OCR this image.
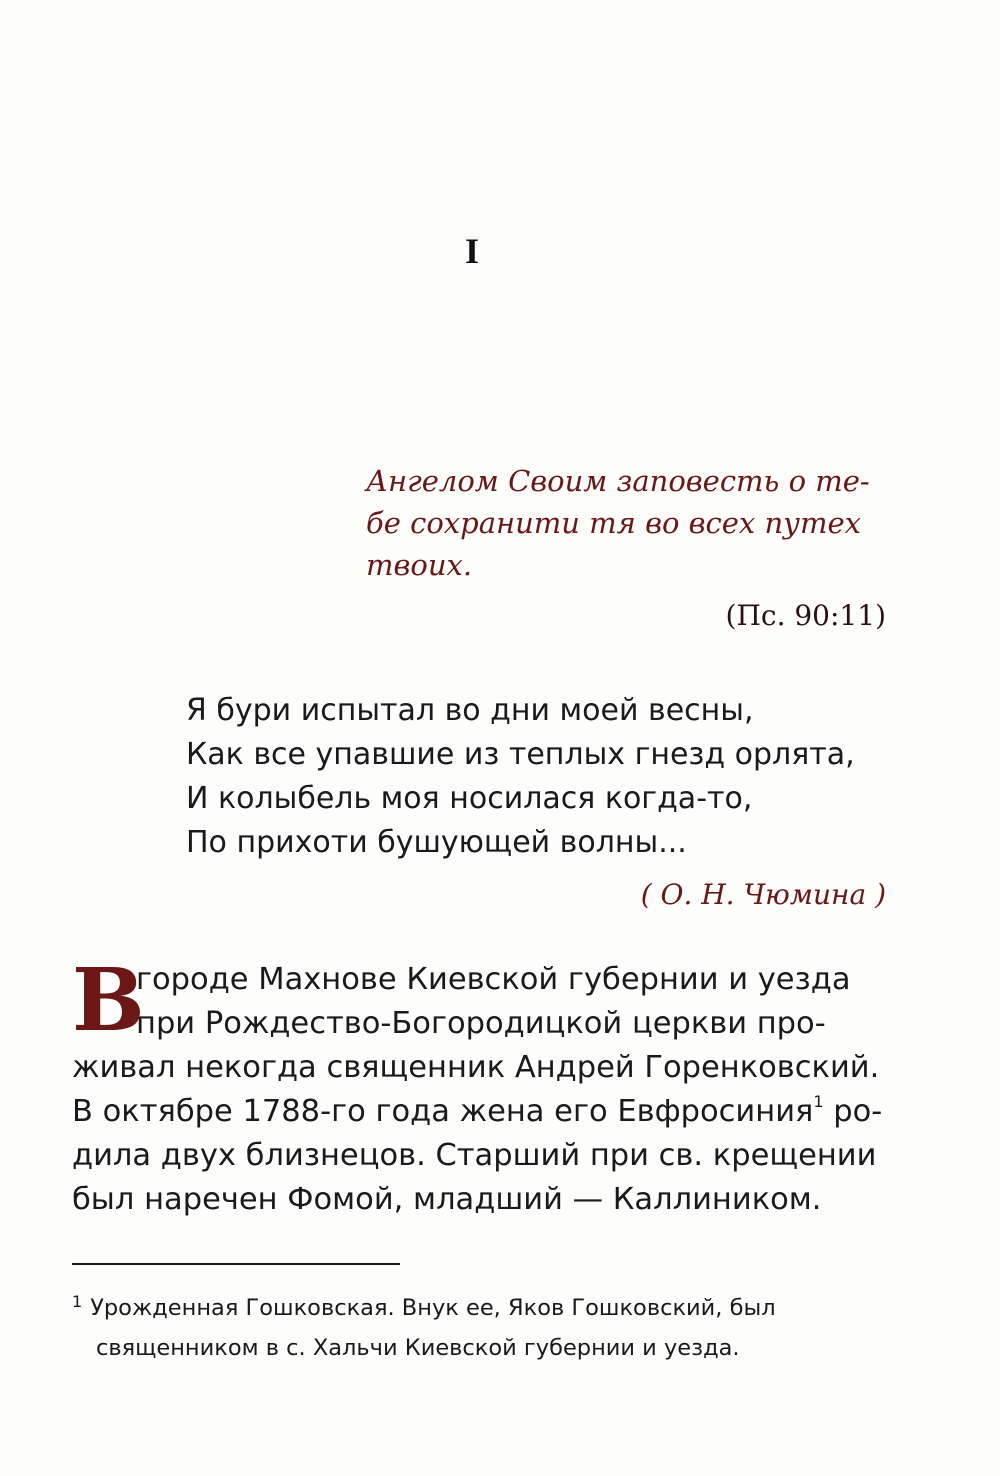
I
Ангелом Своим заповесть о те-
бе сохранити тя во всех путех
твоих.
(Пс. 90:11)
Я бури испытал во дни моей весны,
Как все упавшие из теплых гнезд орлята,
И колыбель моя носилася когда-то,
По прихоти бушующей волны...
( О. Н. Чюмина )
В
городе Махнове Киевской губернии и уезда
при Рождество-Богородицкой церкви про-
живал некогда священник Андрей Горенковский.
В октябре 1788-го года жена его Евфросиния$^1$ ро-
дила двух близнецов. Старший при св. крещении
был наречен Фомой, младший — Каллиником.
$^1$ Урожденная Гошковская. Внук ее, Яков Гошковский, был
священником в с. Хальчи Киевской губернии и уезда.
